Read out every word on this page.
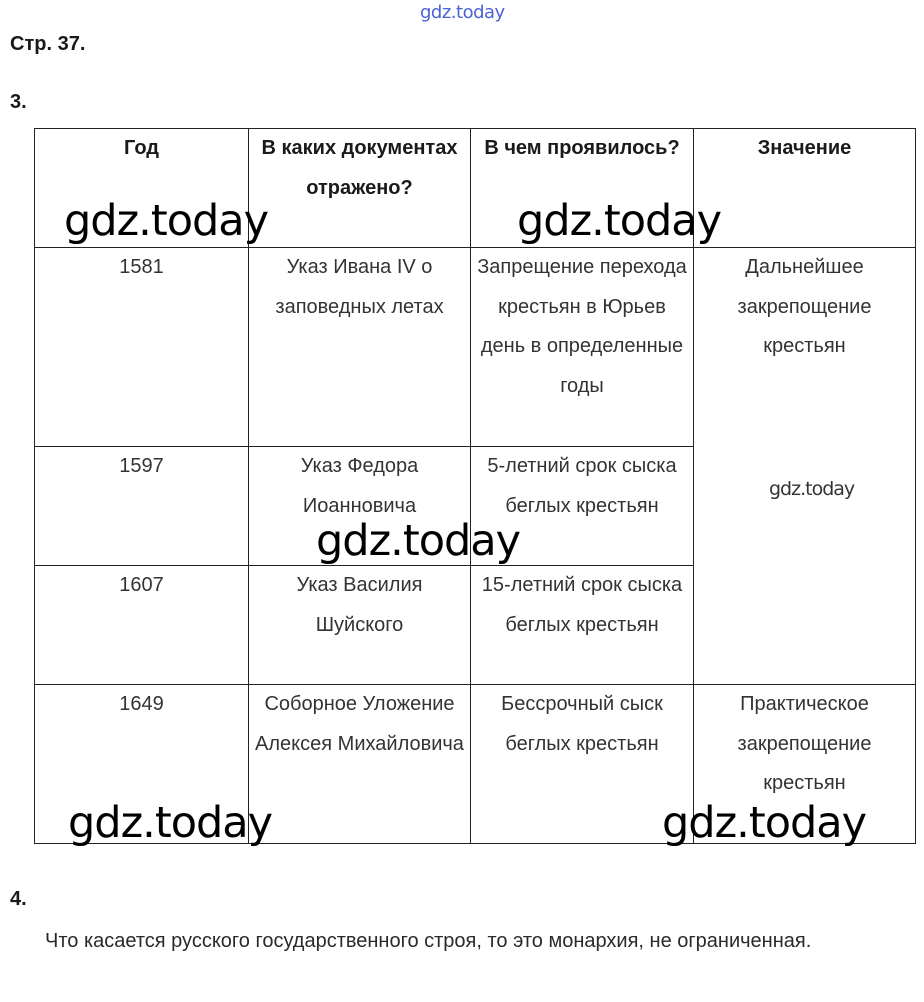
gdz.today
Стр. 37.
3.
Год	В каких документах отражено?	В чем проявилось?	Значение
1581	Указ Ивана IV о заповедных летах	Запрещение перехода крестьян в Юрьев день в определенные годы	Дальнейшее закрепощение крестьян
1597	Указ Федора Иоанновича	5-летний срок сыска беглых крестьян	
1607	Указ Василия Шуйского	15-летний срок сыска беглых крестьян	
1649	Соборное Уложение Алексея Михайловича	Бессрочный сыск беглых крестьян	Практическое закрепощение крестьян
4.
Что касается русского государственного строя, то это монархия, не ограниченная.
gdz.today	gdz.today
gdz.today
gdz.today
gdz.today	gdz.today
